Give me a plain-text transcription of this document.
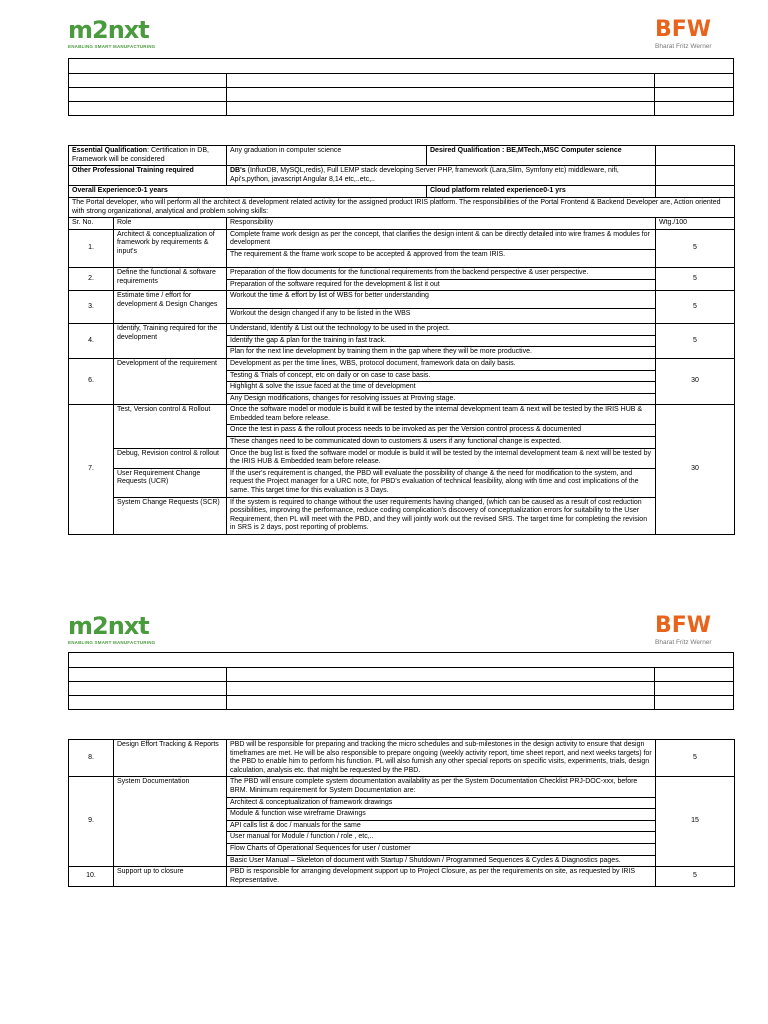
m2nxt
ENABLING SMART MANUFACTURING
BFW
Bharat Fritz Werner

Essential Qualification: Certification in DB, Framework will be considered		Any graduation in computer science	Desired Qualification : BE,MTech.,MSC Computer science	
Other Professional Training required		DB's (InfluxDB, MySQL,redis), Full LEMP stack developing Server PHP, framework (Lara,Slim, Symfony etc) middleware, nifi, Api's,python, javascript Angular 8,14 etc,..etc,..		
Overall Experience:0-1 years			Cloud platform related experience0-1 yrs	
The Portal developer, who will perform all the architect & development related activity for the assigned product IRIS platform. The responsibilities of the Portal Frontend & Backend Developer are, Action oriented with strong organizational, analytical and problem solving skills:				
Sr. No.	Role	Responsibility		Wtg./100
1.	Architect & conceptualization of framework by requirements & input's	Complete frame work design as per the concept, that clarifies the design intent & can be directly detailed into wire frames & modules for development		5
		The requirement & the frame work scope to be accepted & approved from the team IRIS.		
2.	Define the functional & software requirements	Preparation of the flow documents for the functional requirements from the backend perspective & user perspective.		5
		Preparation of the software required for the development & list it out		
3.	Estimate time / effort for development & Design Changes	Workout the time & effort by list of WBS for better understanding		5
		Workout the design changed if any to be listed in the WBS		
4.	Identify, Training required for the development	Understand, Identify & List out the technology to be used in the project.		5
		Identify the gap & plan for the training in fast track.		
		Plan for the next line development by training them in the gap where they will be more productive.		
6.	Development of the requirement	Development as per the time lines, WBS, protocol document, framework data on daily basis.		30
		Testing & Trials of concept, etc on daily or on case to case basis.		
		Highlight & solve the issue faced at the time of development		
		Any Design modifications, changes for resolving issues at Proving stage.		
7.	Test, Version control & Rollout	Once the software model or module is build it will be tested by the internal development team & next will be tested by the IRIS HUB & Embedded team before release.		30
		Once the test in pass & the rollout process needs to be invoked as per the Version control process & documented		
		These changes need to be communicated down to customers & users if any functional change is expected.		
	Debug, Revision control & rollout	Once the bug list is fixed the software model or module is build it will be tested by the internal development team & next will be tested by the IRIS HUB & Embedded team before release.		
	User Requirement Change Requests (UCR)	If the user's requirement is changed, the PBD will evaluate the possibility of change & the need for modification to the system, and request the Project manager for a URC note, for PBD's evaluation of technical feasibility, along with time and cost implications of the same. This target time for this evaluation is 3 Days.		
	System Change Requests (SCR)	If the system is required to change without the user requirements having changed, (which can be caused as a result of cost reduction possibilities, improving the performance, reduce coding complication's discovery of conceptualization errors for suitability to the User Requirement, then PL will meet with the PBD, and they will jointly work out the revised SRS. The target time for completing the revision in SRS is 2 days, post reporting of problems.		
m2nxt
ENABLING SMART MANUFACTURING
BFW
Bharat Fritz Werner

8.	Design Effort Tracking & Reports	PBD will be responsible for preparing and tracking the micro schedules and sub-milestones in the design activity to ensure that design timeframes are met. He will be also responsible to prepare ongoing (weekly activity report, time sheet report, and next weeks targets) for the PBD to enable him to perform his function. PL will also furnish any other special reports on specific visits, experiments, trials, design calculation, analysis etc. that might be requested by the PBD.	5
9.	System Documentation	The PBD will ensure complete system documentation availability as per the System Documentation Checklist PRJ-DOC-xxx, before BRM. Minimum requirement for System Documentation are:	15
		Architect & conceptualization of framework drawings	
		Module & function wise wireframe Drawings	
		API calls list & doc / manuals for the same	
		User manual for Module / function / role , etc,..	
		Flow Charts of Operational Sequences for user / customer	
		Basic User Manual – Skeleton of document with Startup / Shutdown / Programmed Sequences & Cycles & Diagnostics pages.	
10.	Support up to closure	PBD is responsible for arranging development support up to Project Closure, as per the requirements on site, as requested by IRIS Representative.	5
